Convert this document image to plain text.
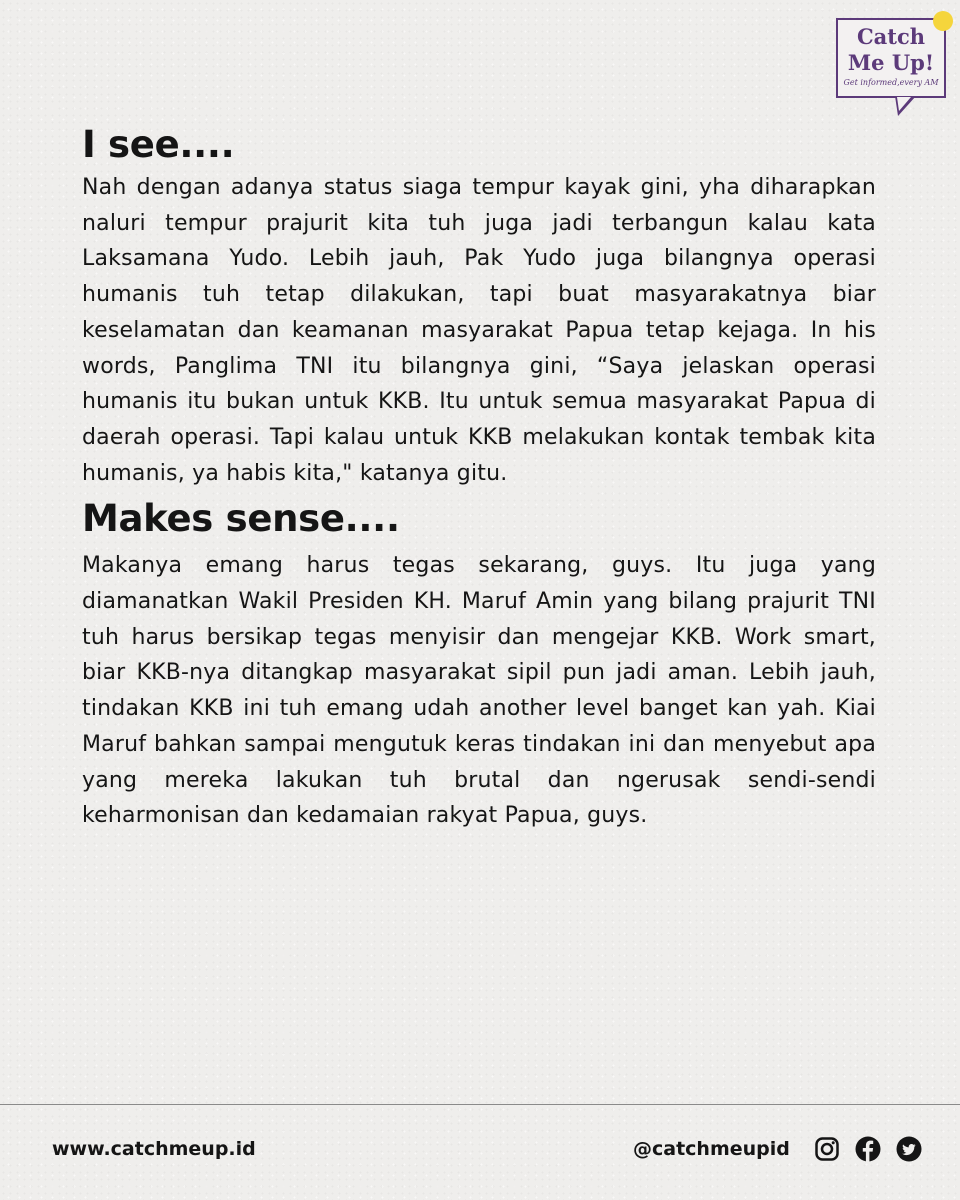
Catch
Me Up!
Get informed,every AM
I see....

Nah dengan adanya status siaga tempur kayak gini, yha diharapkan naluri tempur prajurit kita tuh juga jadi terbangun kalau kata Laksamana Yudo. Lebih jauh, Pak Yudo juga bilangnya operasi humanis tuh tetap dilakukan, tapi buat masyarakatnya biar keselamatan dan keamanan masyarakat Papua tetap kejaga. In his words, Panglima TNI itu bilangnya gini, “Saya jelaskan operasi humanis itu bukan untuk KKB. Itu untuk semua masyarakat Papua di daerah operasi. Tapi kalau untuk KKB melakukan kontak tembak kita humanis, ya habis kita," katanya gitu.

Makes sense....

Makanya emang harus tegas sekarang, guys. Itu juga yang diamanatkan Wakil Presiden KH. Maruf Amin yang bilang prajurit TNI tuh harus bersikap tegas menyisir dan mengejar KKB. Work smart, biar KKB-nya ditangkap masyarakat sipil pun jadi aman. Lebih jauh, tindakan KKB ini tuh emang udah another level banget kan yah. Kiai Maruf bahkan sampai mengutuk keras tindakan ini dan menyebut apa yang mereka lakukan tuh brutal dan ngerusak sendi-sendi keharmonisan dan kedamaian rakyat Papua, guys.

www.catchmeup.id	@catchmeupid
